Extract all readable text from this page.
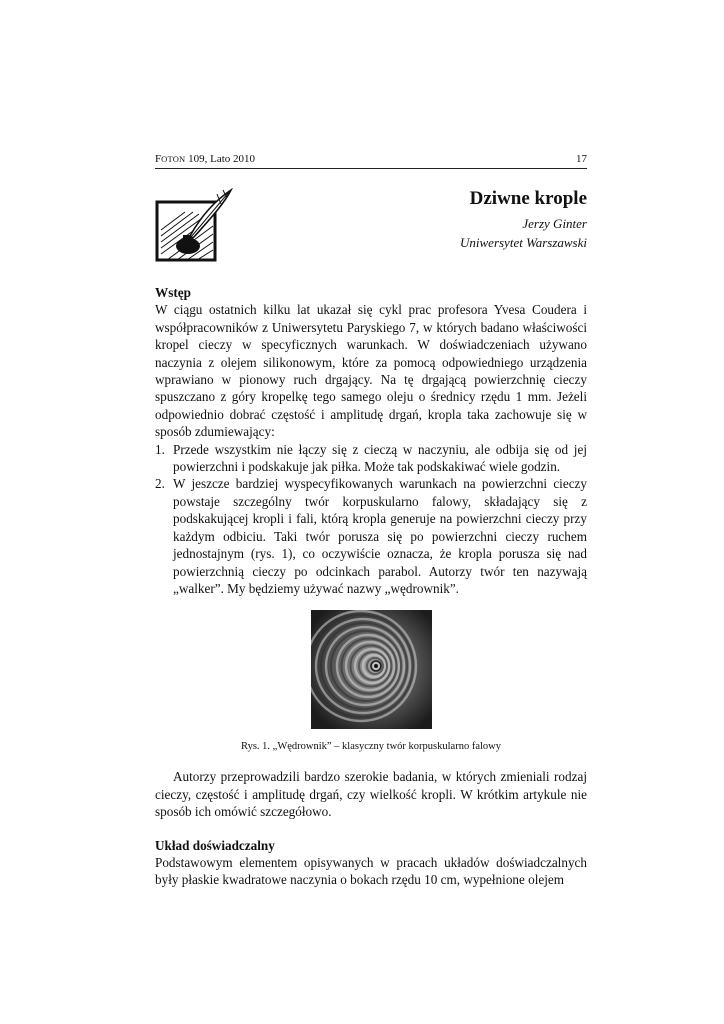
FOTON 109, Lato 2010	17
Dziwne krople
Jerzy Ginter
Uniwersytet Warszawski
Wstęp

W ciągu ostatnich kilku lat ukazał się cykl prac profesora Yvesa Coudera i współpracowników z Uniwersytetu Paryskiego 7, w których badano właściwości kropel cieczy w specyficznych warunkach. W doświadczeniach używano naczynia z olejem silikonowym, które za pomocą odpowiedniego urządzenia wprawiano w pionowy ruch drgający. Na tę drgającą powierzchnię cieczy spuszczano z góry kropelkę tego samego oleju o średnicy rzędu 1 mm. Jeżeli odpowiednio dobrać częstość i amplitudę drgań, kropla taka zachowuje się w sposób zdumiewający:

1. Przede wszystkim nie łączy się z cieczą w naczyniu, ale odbija się od jej powierzchni i podskakuje jak piłka. Może tak podskakiwać wiele godzin.
2. W jeszcze bardziej wyspecyfikowanych warunkach na powierzchni cieczy powstaje szczególny twór korpuskularno falowy, składający się z podskakującej kropli i fali, którą kropla generuje na powierzchni cieczy przy każdym odbiciu. Taki twór porusza się po powierzchni cieczy ruchem jednostajnym (rys. 1), co oczywiście oznacza, że kropla porusza się nad powierzchnią cieczy po odcinkach parabol. Autorzy twór ten nazywają „walker”. My będziemy używać nazwy „wędrownik”.
Rys. 1. „Wędrownik” – klasyczny twór korpuskularno falowy

Autorzy przeprowadzili bardzo szerokie badania, w których zmieniali rodzaj cieczy, częstość i amplitudę drgań, czy wielkość kropli. W krótkim artykule nie sposób ich omówić szczegółowo.

Układ doświadczalny

Podstawowym elementem opisywanych w pracach układów doświadczalnych były płaskie kwadratowe naczynia o bokach rzędu 10 cm, wypełnione olejem
